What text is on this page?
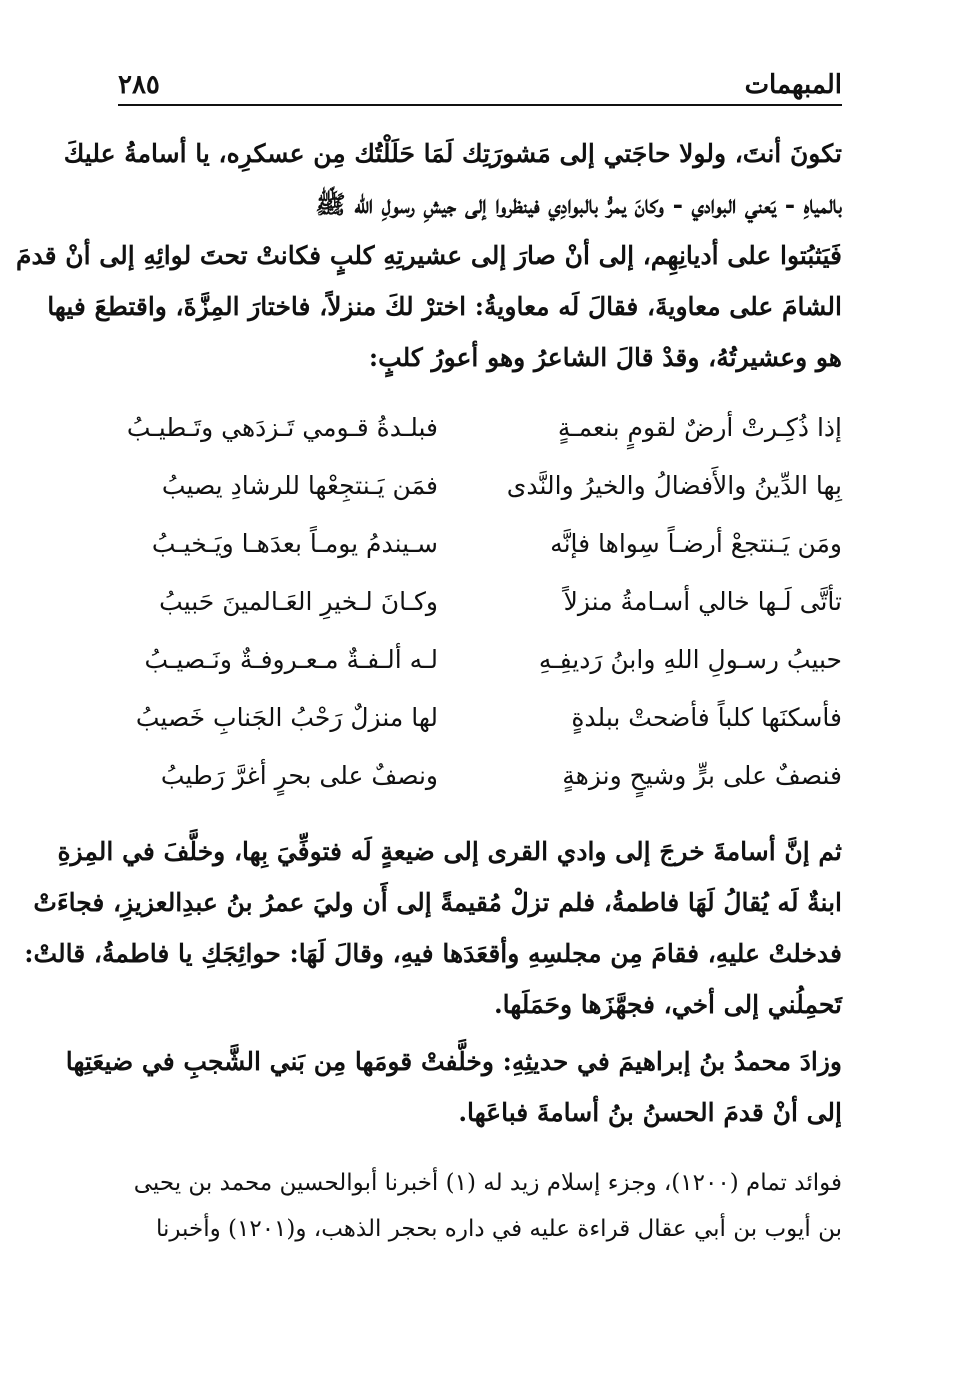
المبهمات
٢٨٥
تكونَ أنتَ، ولولا حاجَتي إلى مَشورَتِك لَمَا حَلَلْتُك مِن عسكرِه، يا أسامةُ عليكَ
بالمياهِ - يَعني البوادي - وكانَ يمرُّ بالبوادِي فينظروا إلى جيشِ رسولِ الله ﷺ
فَيَثبُتوا على أديانِهِم، إلى أنْ صارَ إلى عشيرتِهِ كلبٍ فكانتْ تحتَ لوائِهِ إلى أنْ قدمَ
الشامَ على معاويةَ، فقالَ لَه معاويةُ: اخترْ لكَ منزلاً، فاختارَ المِزَّةَ، واقتطعَ فيها
هو وعشيرتُهُ، وقدْ قالَ الشاعرُ وهو أعورُ كلبٍ:
إذا ذُكِـرتْ أرضٌ لقومٍ بنعمـةٍ
فبلـدةُ قـومي تَـزدَهي وتَـطيـبُ
بِها الدِّينُ والأَفضالُ والخيرُ والنَّدى
فمَن يَـنتجِعْها للرشادِ يصيبُ
ومَن يَـنتجعْ أرضـاً سِواها فإنَّه
سـيندمُ يومـاً بعدَهـا ويَـخيـبُ
تأتَّى لَـها خالي أسـامةُ منزلاً
وكـانَ لـخيرِ العَـالمينَ حَبيبُ
حبيبُ رسـولِ اللهِ وابنُ رَديفِـهِ
لـه ألـفـةٌ مـعـروفـةٌ ونَـصيـبُ
فأسكنَها كلباً فأضحتْ ببلدةٍ
لها منزلٌ رَحْبُ الجَنابِ خَصيبُ
فنصفٌ على برٍّ وشيحٍ ونزهةٍ
ونصفٌ على بحرٍ أغرَّ رَطيبُ
ثم إنَّ أسامةَ خرجَ إلى وادي القرى إلى ضيعةٍ لَه فتوفِّيَ بِها، وخلَّفَ في المِزةِ
ابنةٌ لَه يُقالُ لَهَا فاطمةُ، فلم تزلْ مُقيمةً إلى أَن وليَ عمرُ بنُ عبدِالعزيزِ، فجاءَتْ
فدخلتْ عليهِ، فقامَ مِن مجلسِهِ وأقعَدَها فيهِ، وقالَ لَهَا: حوائِجَكِ يا فاطمةُ، قالتْ:
تَحمِلُني إلى أخي، فجهَّزَها وحَمَلَها.
وزادَ محمدُ بنُ إبراهيمَ في حديثِهِ: وخلَّفتْ قومَها مِن بَني الشَّجبِ في ضيعَتِها
إلى أنْ قدمَ الحسنُ بنُ أسامةَ فباعَها.
فوائد تمام (١٢٠٠)، وجزء إسلام زيد له (١) أخبرنا أبوالحسين محمد بن يحيى
بن أيوب بن أبي عقال قراءة عليه في داره بحجر الذهب، و(١٢٠١) وأخبرنا
